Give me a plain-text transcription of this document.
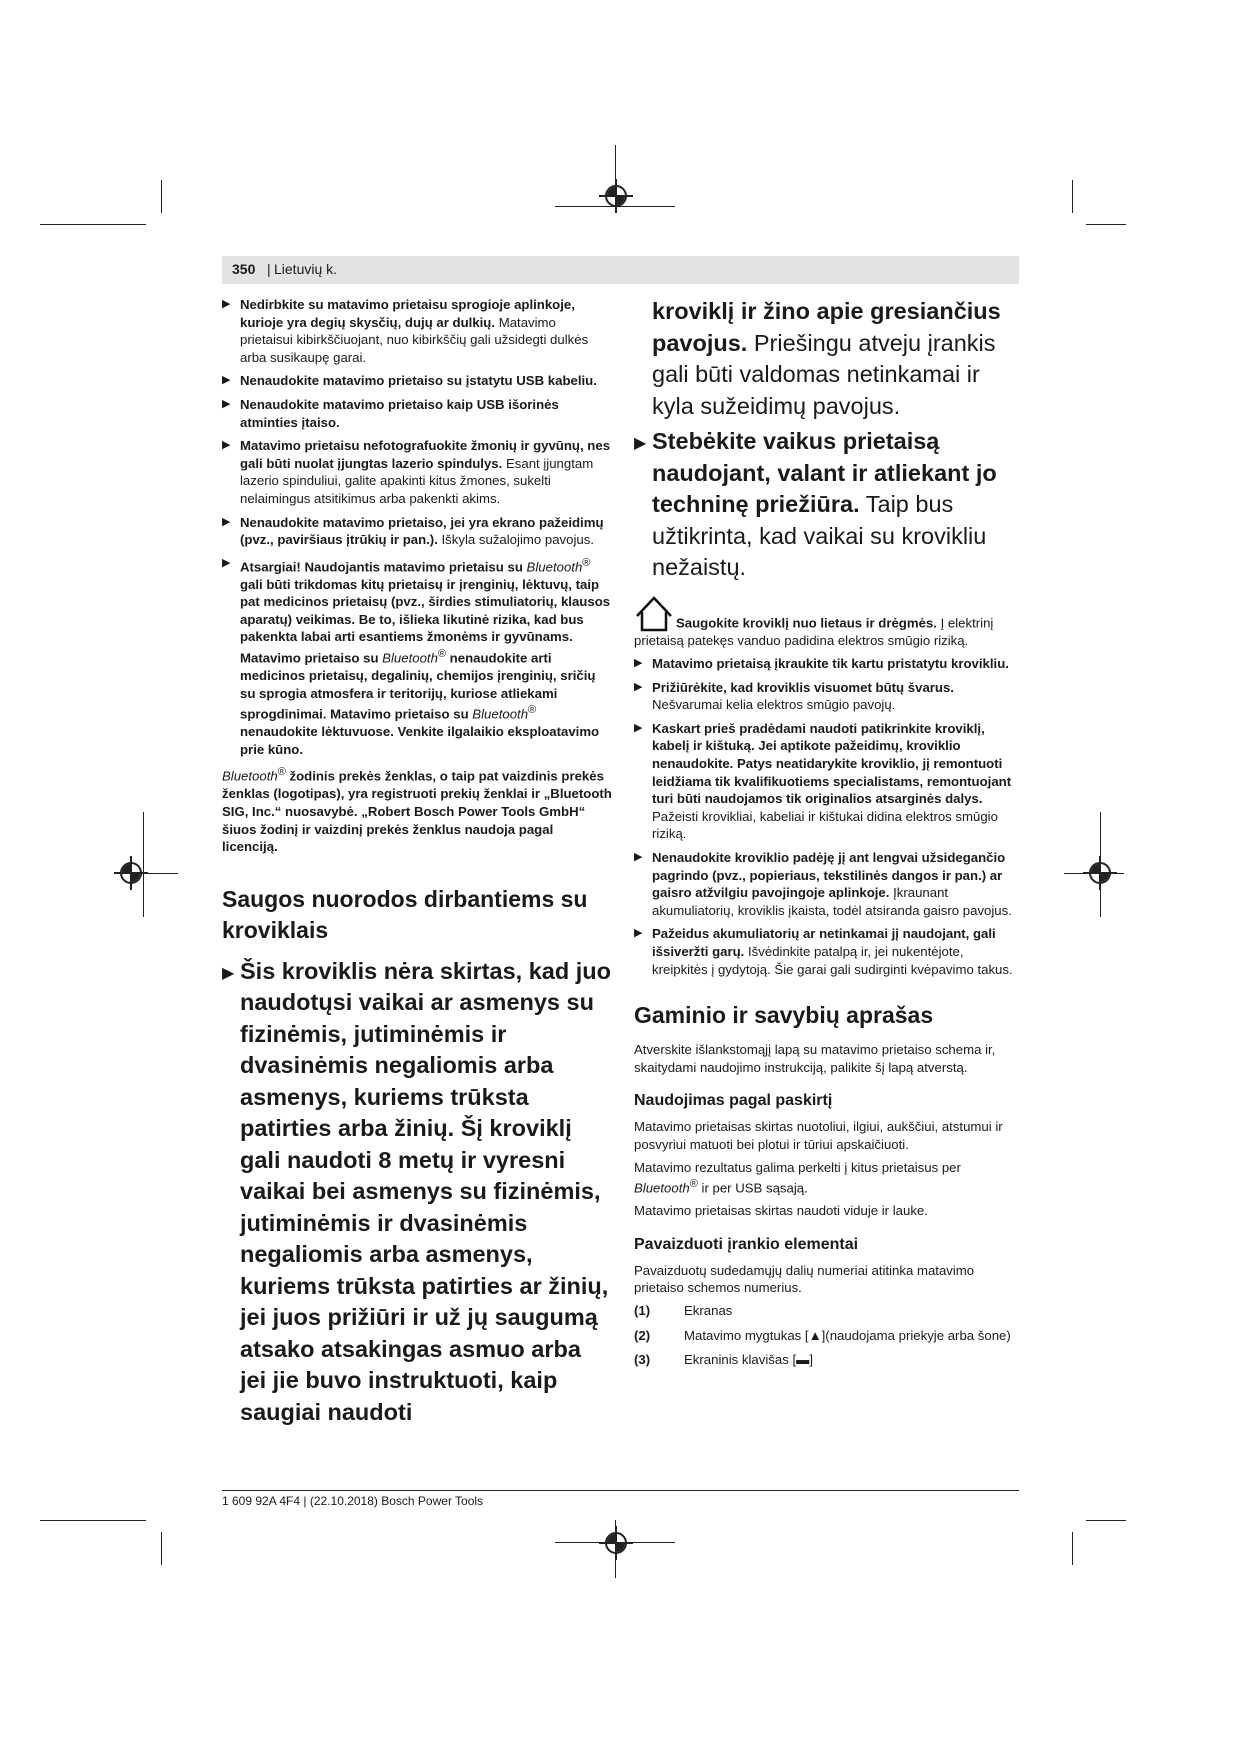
350 | Lietuvių k.
▶ Nedirbkite su matavimo prietaisu sprogioje aplinkoje, kurioje yra degių skysčių, dujų ar dulkių. Matavimo prietaisui kibirkščiuojant, nuo kibirkščių gali užsidegti dulkės arba susikaupę garai.
▶ Nenaudokite matavimo prietaiso su įstatytu USB kabeliu.
▶ Nenaudokite matavimo prietaiso kaip USB išorinės atminties įtaiso.
▶ Matavimo prietaisu nefotografuokite žmonių ir gyvūnų, nes gali būti nuolat įjungtas lazerio spindulys. Esant įjungtam lazerio spinduliui, galite apakinti kitus žmones, sukelti nelaimingus atsitikimus arba pakenkti akims.
▶ Nenaudokite matavimo prietaiso, jei yra ekrano pažeidimų (pvz., paviršiaus įtrūkių ir pan.). Iškyla sužalojimo pavojus.
▶ Atsargiai! Naudojantis matavimo prietaisu su Bluetooth® gali būti trikdomas kitų prietaisų ir įrenginių, lėktuvų, taip pat medicinos prietaisų (pvz., širdies stimuliatorių, klausos aparatų) veikimas. Be to, išlieka likutinė rizika, kad bus pakenkta labai arti esantiems žmonėms ir gyvūnams. Matavimo prietaiso su Bluetooth® nenaudokite arti medicinos prietaisų, degalinių, chemijos įrenginių, sričių su sprogia atmosfera ir teritorijų, kuriose atliekami sprogdinimai. Matavimo prietaiso su Bluetooth® nenaudokite lėktuvuose. Venkite ilgalaikio eksploatavimo prie kūno.
Bluetooth® žodinis prekės ženklas, o taip pat vaizdinis prekės ženklas (logotipas), yra registruoti prekių ženklai ir „Bluetooth SIG, Inc.“ nuosavybė. „Robert Bosch Power Tools GmbH“ šiuos žodinį ir vaizdinį prekės ženklus naudoja pagal licenciją.
Saugos nuorodos dirbantiems su kroviklais
▶ Šis kroviklis nėra skirtas, kad juo naudotųsi vaikai ar asmenys su fizinėmis, jutiminėmis ir dvasinėmis negaliomis arba asmenys, kuriems trūksta patirties arba žinių. Šį kroviklį gali naudoti 8 metų ir vyresni vaikai bei asmenys su fizinėmis, jutiminėmis ir dvasinėmis negaliomis arba asmenys, kuriems trūksta patirties ar žinių, jei juos prižiūri ir už jų saugumą atsako atsakingas asmuo arba jei jie buvo instruktuoti, kaip saugiai naudoti
kroviklį ir žino apie gresiančius pavojus. Priešingu atveju įrankis gali būti valdomas netinkamai ir kyla sužeidimų pavojus.
▶ Stebėkite vaikus prietaisą naudojant, valant ir atliekant jo techninę priežiūra. Taip bus užtikrinta, kad vaikai su krovikliu nežaistų.
Saugokite kroviklį nuo lietaus ir drėgmės. Į elektrinį prietaisą patekęs vanduo padidina elektros smūgio riziką.
▶ Matavimo prietaisą įkraukite tik kartu pristatytu krovikliu.
▶ Prižiūrėkite, kad kroviklis visuomet būtų švarus. Nešvarumai kelia elektros smūgio pavojų.
▶ Kaskart prieš pradėdami naudoti patikrinkite kroviklį, kabelį ir kištuką. Jei aptikote pažeidimų, kroviklio nenaudokite. Patys neatidarykite kroviklio, jį remontuoti leidžiama tik kvalifikuotiems specialistams, remontuojant turi būti naudojamos tik originalios atsarginės dalys. Pažeisti krovikliai, kabeliai ir kištukai didina elektros smūgio riziką.
▶ Nenaudokite kroviklio padėję jį ant lengvai užsidegančio pagrindo (pvz., popieriaus, tekstilinės dangos ir pan.) ar gaisro atžvilgiu pavojingoje aplinkoje. Įkraunant akumuliatorių, kroviklis įkaista, todėl atsiranda gaisro pavojus.
▶ Pažeidus akumuliatorių ar netinkamai jį naudojant, gali išsiveržti garų. Išvėdinkite patalpą ir, jei nukentėjote, kreipkitės į gydytoją. Šie garai gali sudirginti kvėpavimo takus.
Gaminio ir savybių aprašas
Atverskite išlankstomąjį lapą su matavimo prietaiso schema ir, skaitydami naudojimo instrukciją, palikite šį lapą atverstą.
Naudojimas pagal paskirtį
Matavimo prietaisas skirtas nuotoliui, ilgiui, aukščiui, atstumui ir posvyriui matuoti bei plotui ir tūriui apskaičiuoti.
Matavimo rezultatus galima perkelti į kitus prietaisus per Bluetooth® ir per USB sąsają.
Matavimo prietaisas skirtas naudoti viduje ir lauke.
Pavaizduoti įrankio elementai
Pavaizduotų sudedamųjų dalių numeriai atitinka matavimo prietaiso schemos numerius.
(1)	Ekranas
(2)	Matavimo mygtukas [▲](naudojama priekyje arba šone)
(3)	Ekraninis klavišas [▬]
1 609 92A 4F4 | (22.10.2018) Bosch Power Tools
